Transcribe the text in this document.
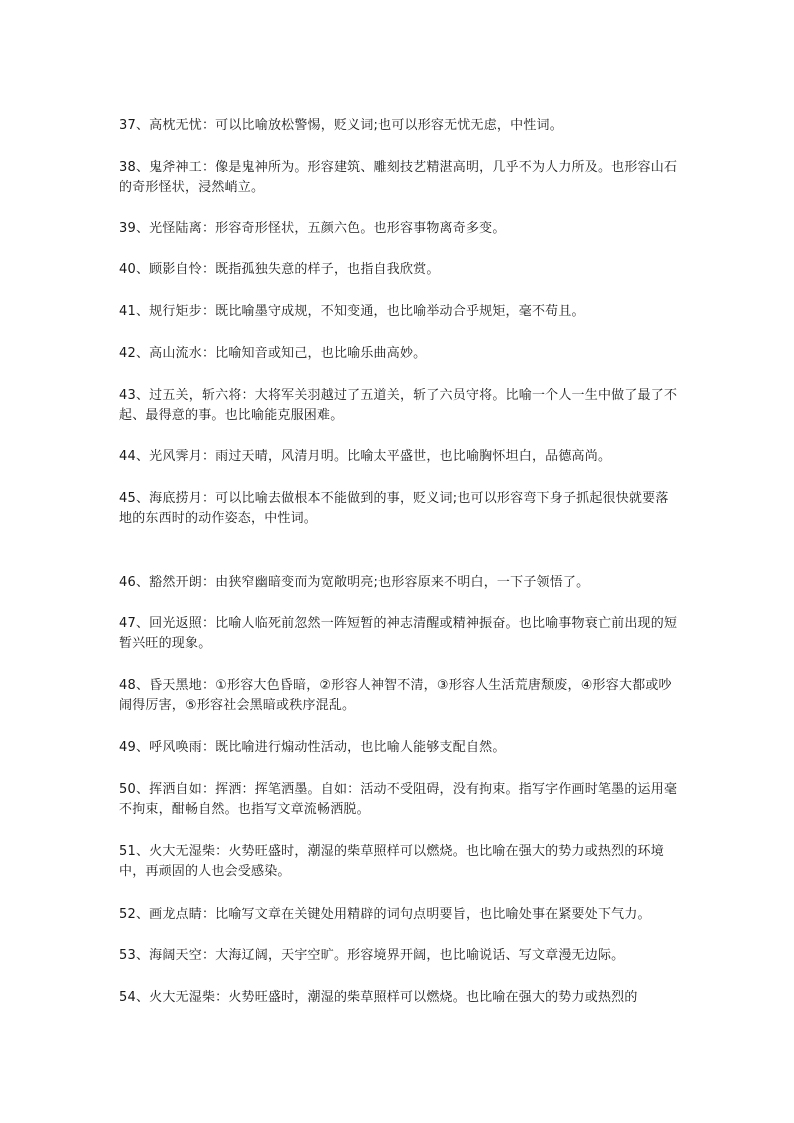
37、高枕无忧：可以比喻放松警惕，贬义词;也可以形容无忧无虑，中性词。

38、鬼斧神工：像是鬼神所为。形容建筑、雕刻技艺精湛高明，几乎不为人力所及。也形容山石的奇形怪状，浸然峭立。

39、光怪陆离：形容奇形怪状，五颜六色。也形容事物离奇多变。

40、顾影自怜：既指孤独失意的样子，也指自我欣赏。

41、规行矩步：既比喻墨守成规，不知变通，也比喻举动合乎规矩，毫不苟且。

42、高山流水：比喻知音或知己，也比喻乐曲高妙。

43、过五关，斩六将：大将军关羽越过了五道关，斩了六员守将。比喻一个人一生中做了最了不起、最得意的事。也比喻能克服困难。

44、光风霁月：雨过天晴，风清月明。比喻太平盛世，也比喻胸怀坦白，品德高尚。

45、海底捞月：可以比喻去做根本不能做到的事，贬义词;也可以形容弯下身子抓起很快就要落地的东西时的动作姿态，中性词。

46、豁然开朗：由狭窄幽暗变而为宽敞明亮;也形容原来不明白，一下子领悟了。

47、回光返照：比喻人临死前忽然一阵短暂的神志清醒或精神振奋。也比喻事物衰亡前出现的短暂兴旺的现象。

48、昏天黑地：①形容大色昏暗，②形容人神智不清，③形容人生活荒唐颓废，④形容大都或吵闹得厉害，⑤形容社会黑暗或秩序混乱。

49、呼风唤雨：既比喻进行煽动性活动，也比喻人能够支配自然。

50、挥洒自如：挥洒：挥笔洒墨。自如：活动不受阻碍，没有拘束。指写字作画时笔墨的运用毫不拘束，酣畅自然。也指写文章流畅洒脱。

51、火大无湿柴：火势旺盛时，潮湿的柴草照样可以燃烧。也比喻在强大的势力或热烈的环境中，再顽固的人也会受感染。

52、画龙点睛：比喻写文章在关键处用精辟的词句点明要旨，也比喻处事在紧要处下气力。

53、海阔天空：大海辽阔，天宇空旷。形容境界开阔，也比喻说话、写文章漫无边际。

54、火大无湿柴：火势旺盛时，潮湿的柴草照样可以燃烧。也比喻在强大的势力或热烈的
